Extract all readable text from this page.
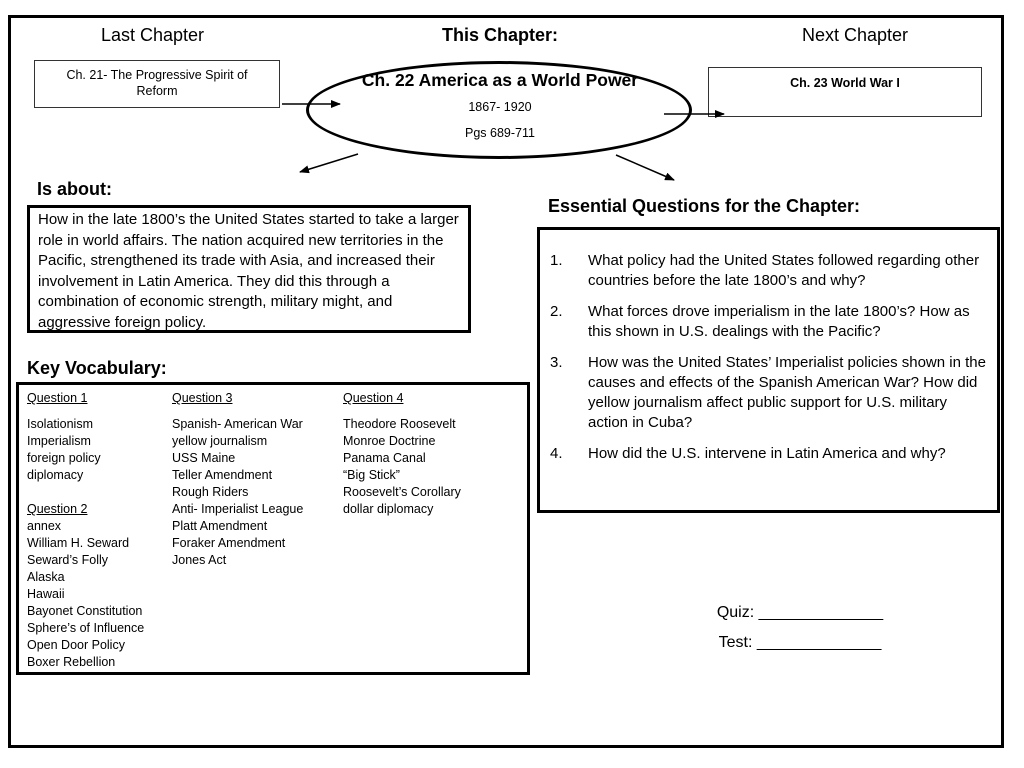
Last Chapter	This Chapter:	Next Chapter
Ch. 21- The Progressive Spirit of Reform
Ch. 22 America as a World Power
1867- 1920
Pgs 689-711
Ch. 23 World War I
Is about:
How in the late 1800’s the United States started to take a larger role in world affairs. The nation acquired new territories in the Pacific, strengthened its trade with Asia, and increased their involvement in Latin America. They did this through a combination of economic strength, military might, and aggressive foreign policy.
Key Vocabulary:
Question 1
Isolationism
Imperialism
foreign policy
diplomacy
Question 2
annex
William H. Seward
Seward’s Folly
Alaska
Hawaii
Bayonet Constitution
Sphere’s of Influence
Open Door Policy
Boxer Rebellion
Question 3
Spanish- American War
yellow journalism
USS Maine
Teller Amendment
Rough Riders
Anti- Imperialist League
Platt Amendment
Foraker Amendment
Jones Act
Question 4
Theodore Roosevelt
Monroe Doctrine
Panama Canal
“Big Stick”
Roosevelt’s Corollary
dollar diplomacy
Essential Questions for the Chapter:
1.	What policy had the United States followed regarding other countries before the late 1800’s and why?
2.	What forces drove imperialism in the late 1800’s? How as this shown in U.S. dealings with the Pacific?
3.	How was the United States’ Imperialist policies shown in the causes and effects of the Spanish American War? How did yellow journalism affect public support for U.S. military action in Cuba?
4.	How did the U.S. intervene in Latin America and why?
Quiz: ______________
Test: ______________
